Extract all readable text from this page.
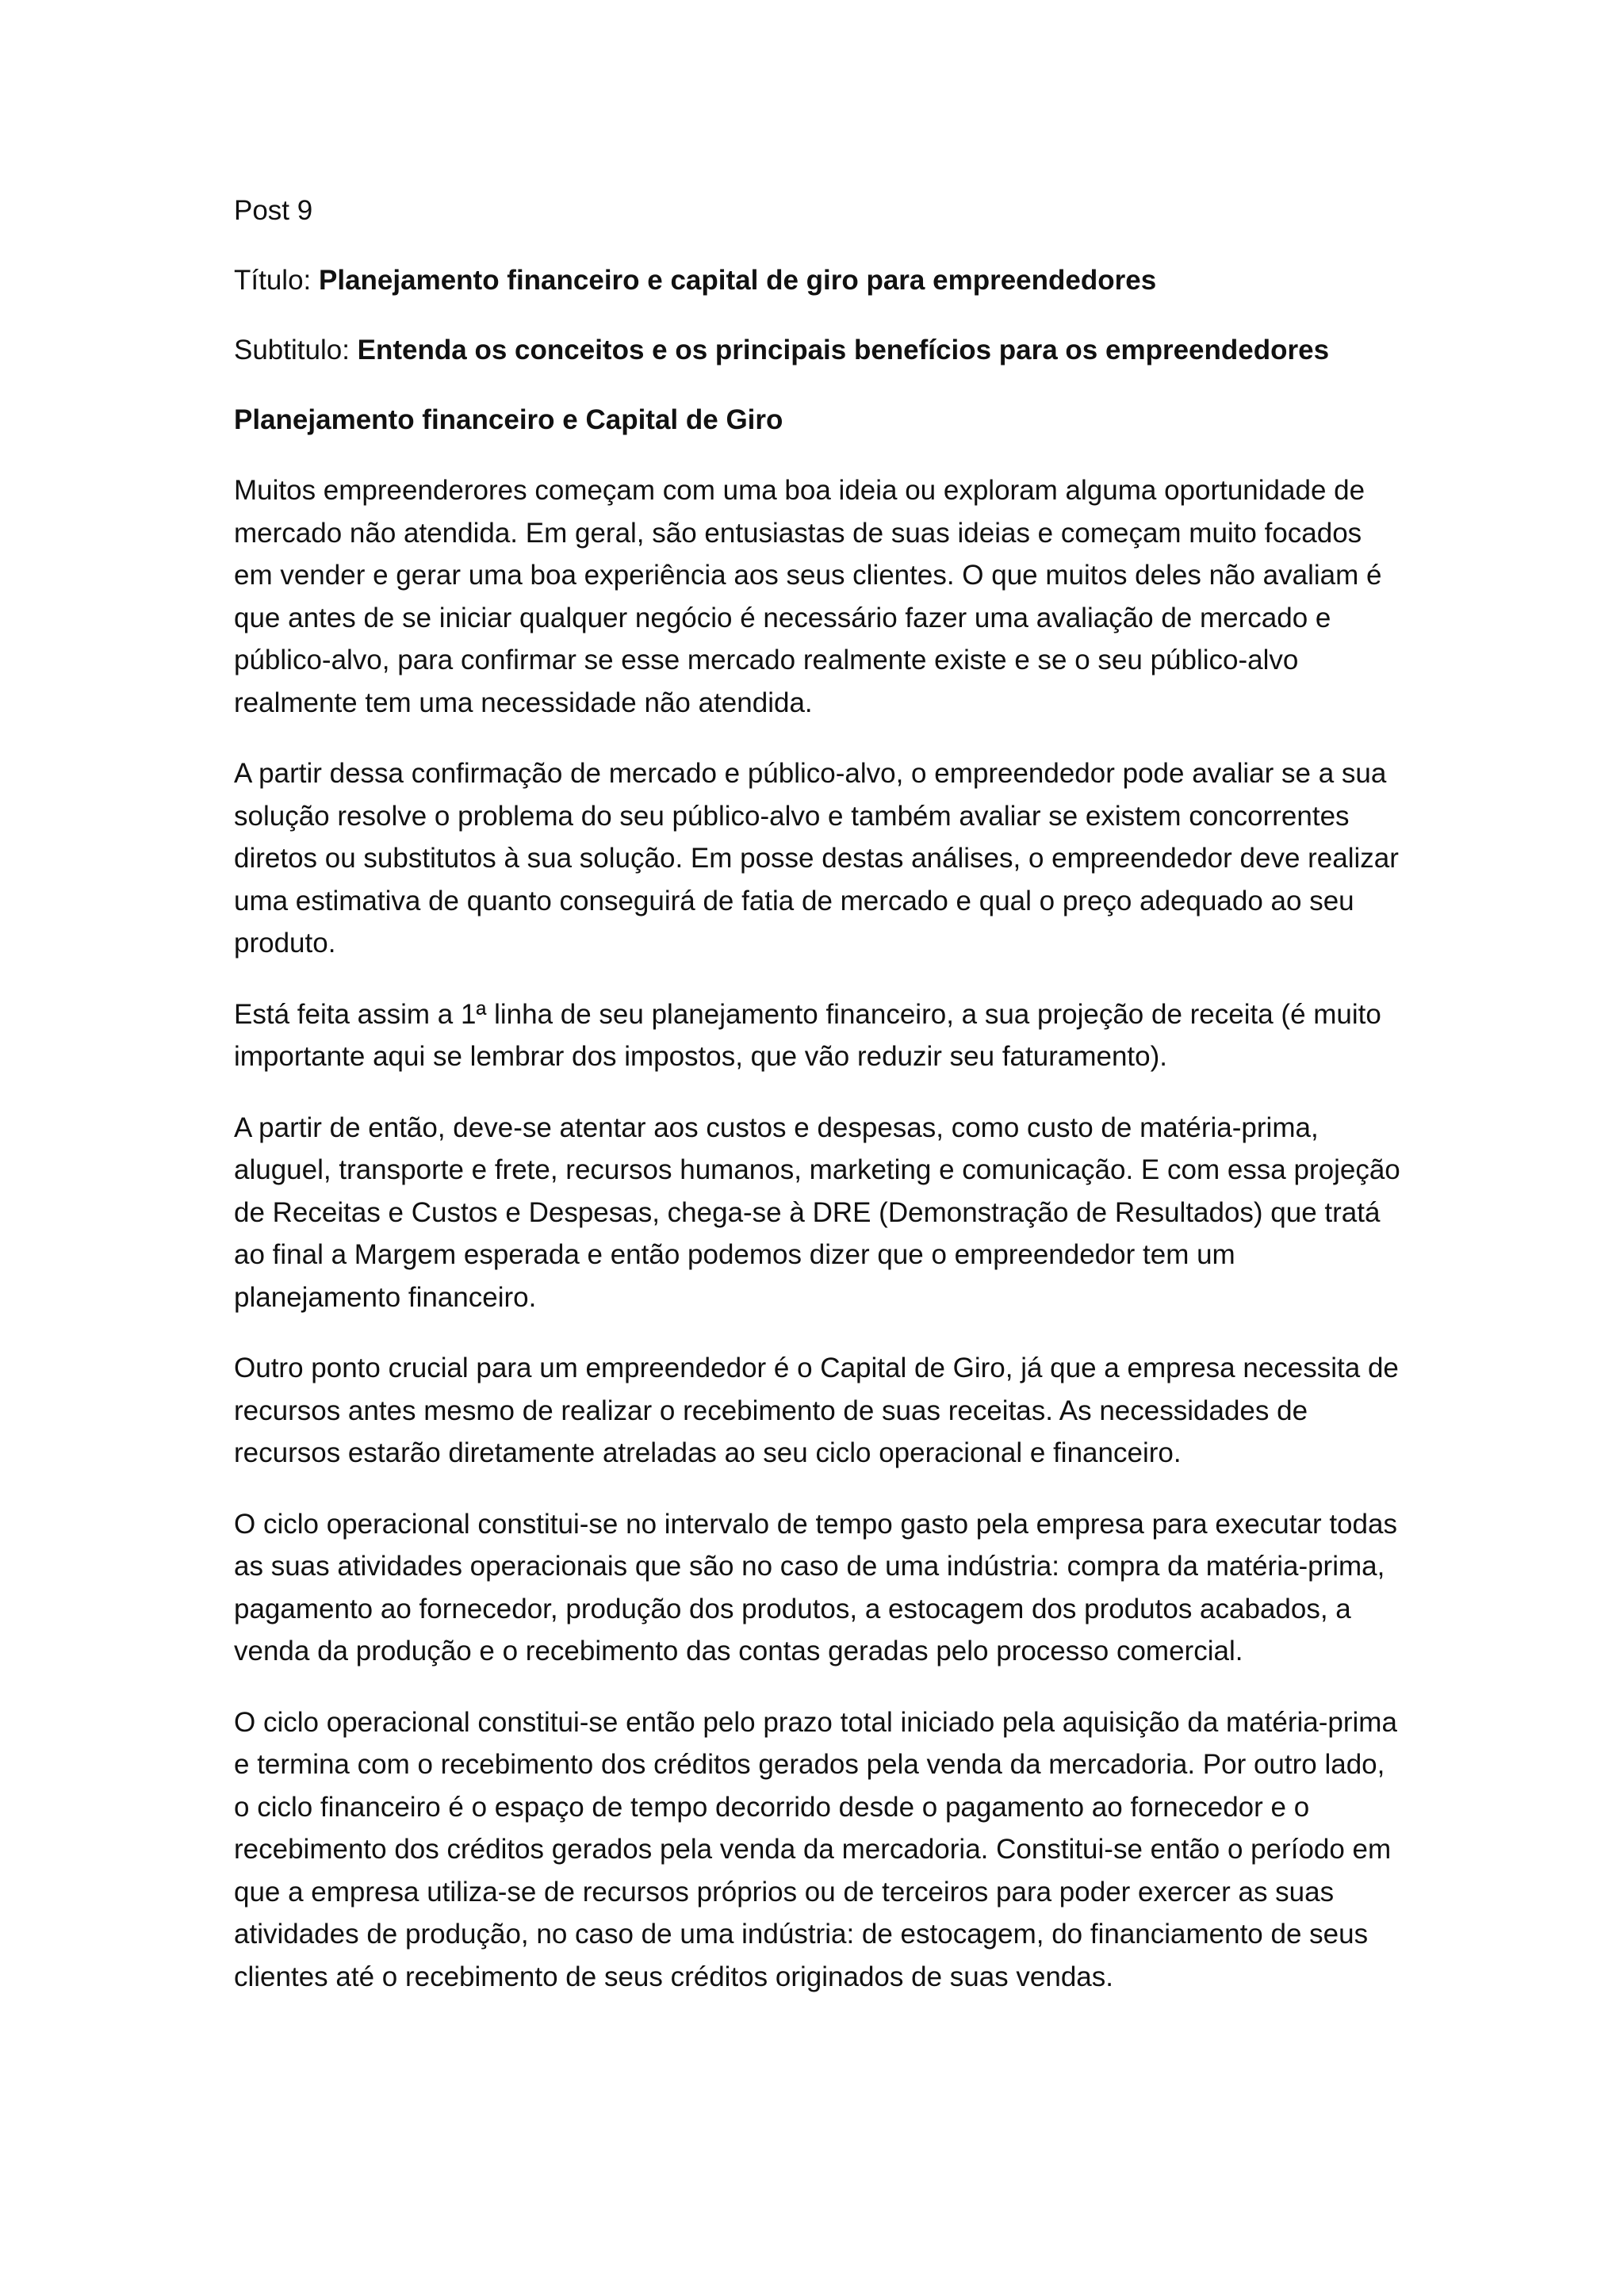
Post 9

Título: Planejamento financeiro e capital de giro para empreendedores

Subtitulo: Entenda os conceitos e os principais benefícios para os empreendedores

Planejamento financeiro e Capital de Giro

Muitos empreenderores começam com uma boa ideia ou exploram alguma oportunidade de mercado não atendida. Em geral, são entusiastas de suas ideias e começam muito focados em vender e gerar uma boa experiência aos seus clientes. O que muitos deles não avaliam é que antes de se iniciar qualquer negócio é necessário fazer uma avaliação de mercado e público-alvo, para confirmar se esse mercado realmente existe e se o seu público-alvo realmente tem uma necessidade não atendida.

A partir dessa confirmação de mercado e público-alvo, o empreendedor pode avaliar se a sua solução resolve o problema do seu público-alvo e também avaliar se existem concorrentes diretos ou substitutos à sua solução. Em posse destas análises, o empreendedor deve realizar uma estimativa de quanto conseguirá de fatia de mercado e qual o preço adequado ao seu produto.

Está feita assim a 1ª linha de seu planejamento financeiro, a sua projeção de receita (é muito importante aqui se lembrar dos impostos, que vão reduzir seu faturamento).

A partir de então, deve-se atentar aos custos e despesas, como custo de matéria-prima, aluguel, transporte e frete, recursos humanos, marketing e comunicação. E com essa projeção de Receitas e Custos e Despesas, chega-se à DRE (Demonstração de Resultados) que tratá ao final a Margem esperada e então podemos dizer que o empreendedor tem um planejamento financeiro.

Outro ponto crucial para um empreendedor é o Capital de Giro, já que a empresa necessita de recursos antes mesmo de realizar o recebimento de suas receitas. As necessidades de recursos estarão diretamente atreladas ao seu ciclo operacional e financeiro.

O ciclo operacional constitui-se no intervalo de tempo gasto pela empresa para executar todas as suas atividades operacionais que são no caso de uma indústria: compra da matéria-prima, pagamento ao fornecedor, produção dos produtos, a estocagem dos produtos acabados, a venda da produção e o recebimento das contas geradas pelo processo comercial.

O ciclo operacional constitui-se então pelo prazo total iniciado pela aquisição da matéria-prima e termina com o recebimento dos créditos gerados pela venda da mercadoria. Por outro lado, o ciclo financeiro é o espaço de tempo decorrido desde o pagamento ao fornecedor e o recebimento dos créditos gerados pela venda da mercadoria. Constitui-se então o período em que a empresa utiliza-se de recursos próprios ou de terceiros para poder exercer as suas atividades de produção, no caso de uma indústria: de estocagem, do financiamento de seus clientes até o recebimento de seus créditos originados de suas vendas.
